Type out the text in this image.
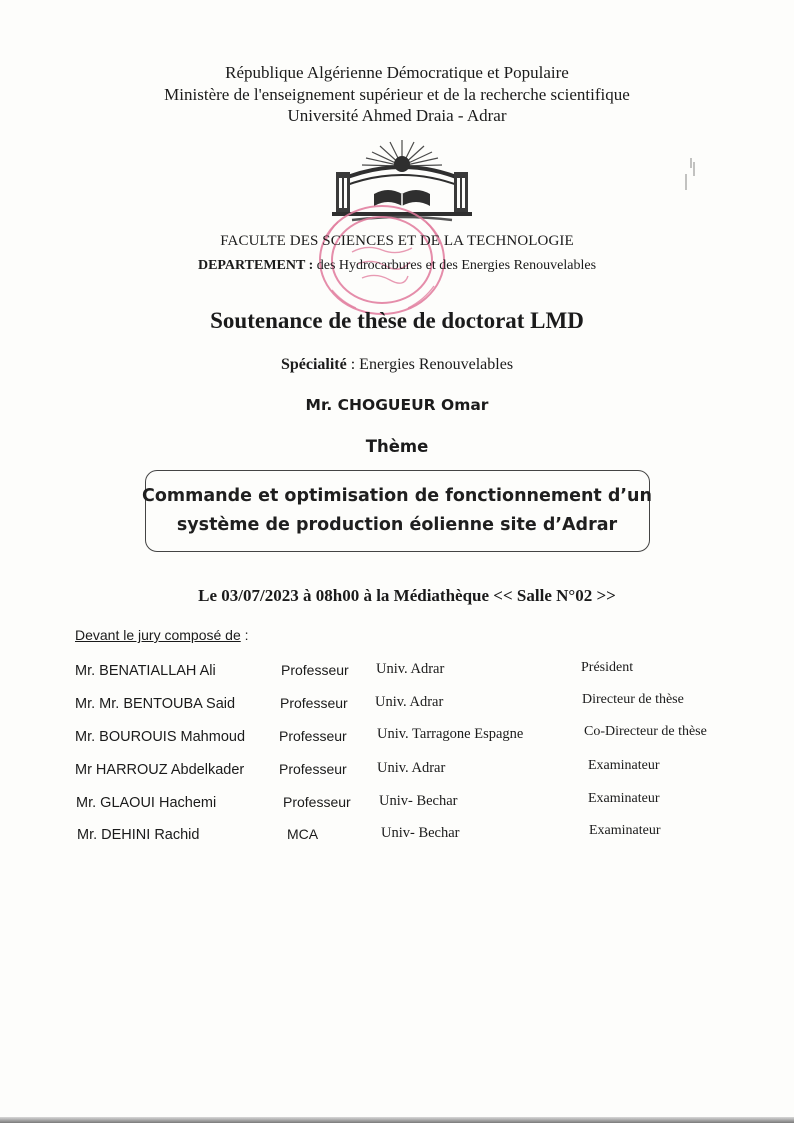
République Algérienne Démocratique et Populaire
Ministère de l'enseignement supérieur et de la recherche scientifique
Université Ahmed Draia - Adrar
FACULTE DES SCIENCES ET DE LA TECHNOLOGIE
DEPARTEMENT : des Hydrocarbures et des Energies Renouvelables
Soutenance de thèse de doctorat LMD
Spécialité : Energies Renouvelables
Mr. CHOGUEUR Omar
Thème
Commande et optimisation de fonctionnement d’un
système de production éolienne site d’Adrar
Le 03/07/2023 à 08h00 à la Médiathèque << Salle N°02 >>
Devant le jury composé de :
Mr. BENATIALLAH Ali	Professeur Univ. Adrar	Président
Mr. Mr. BENTOUBA Said	Professeur Univ. Adrar	Directeur de thèse
Mr. BOUROUIS Mahmoud Professeur Univ. Tarragone Espagne	Co-Directeur de thèse
Mr HARROUZ Abdelkader Professeur Univ. Adrar	Examinateur
Mr. GLAOUI Hachemi	Professeur Univ- Bechar	Examinateur
Mr. DEHINI Rachid	MCA	Univ- Bechar	Examinateur
